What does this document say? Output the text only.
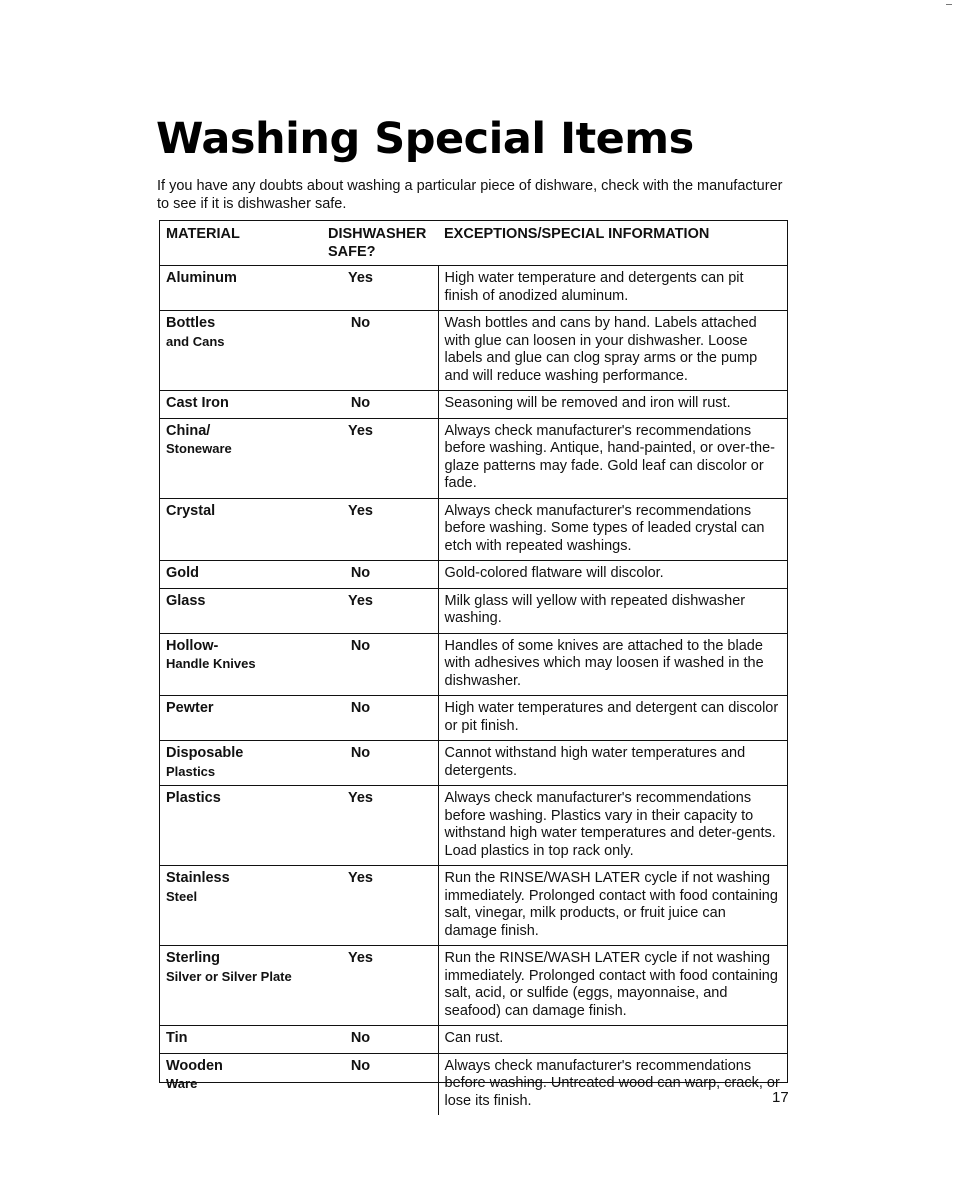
Washing Special Items

If you have any doubts about washing a particular piece of dishware, check with the manufacturer to see if it is dishwasher safe.

MATERIAL	DISHWASHER SAFE?	EXCEPTIONS/SPECIAL INFORMATION

Aluminum	Yes	High water temperature and detergents can pit finish of anodized aluminum.

Bottles
and Cans	No	Wash bottles and cans by hand. Labels attached with glue can loosen in your dishwasher. Loose labels and glue can clog spray arms or the pump and will reduce washing performance.

Cast Iron	No	Seasoning will be removed and iron will rust.

China/
Stoneware	Yes	Always check manufacturer's recommendations before washing. Antique, hand-painted, or over-the-glaze patterns may fade. Gold leaf can discolor or fade.

Crystal	Yes	Always check manufacturer's recommendations before washing. Some types of leaded crystal can etch with repeated washings.

Gold	No	Gold-colored flatware will discolor.

Glass	Yes	Milk glass will yellow with repeated dishwasher washing.

Hollow-
Handle Knives	No	Handles of some knives are attached to the blade with adhesives which may loosen if washed in the dishwasher.

Pewter	No	High water temperatures and detergent can discolor or pit finish.

Disposable
Plastics	No	Cannot withstand high water temperatures and detergents.

Plastics	Yes	Always check manufacturer's recommendations before washing. Plastics vary in their capacity to withstand high water temperatures and deter-gents. Load plastics in top rack only.

Stainless
Steel	Yes	Run the RINSE/WASH LATER cycle if not washing immediately. Prolonged contact with food containing salt, vinegar, milk products, or fruit juice can damage finish.

Sterling
Silver or Silver Plate	Yes	Run the RINSE/WASH LATER cycle if not washing immediately. Prolonged contact with food containing salt, acid, or sulfide (eggs, mayonnaise, and seafood) can damage finish.

Tin	No	Can rust.

Wooden
Ware	No	Always check manufacturer's recommendations before washing. Untreated wood can warp, crack, or lose its finish.	17
